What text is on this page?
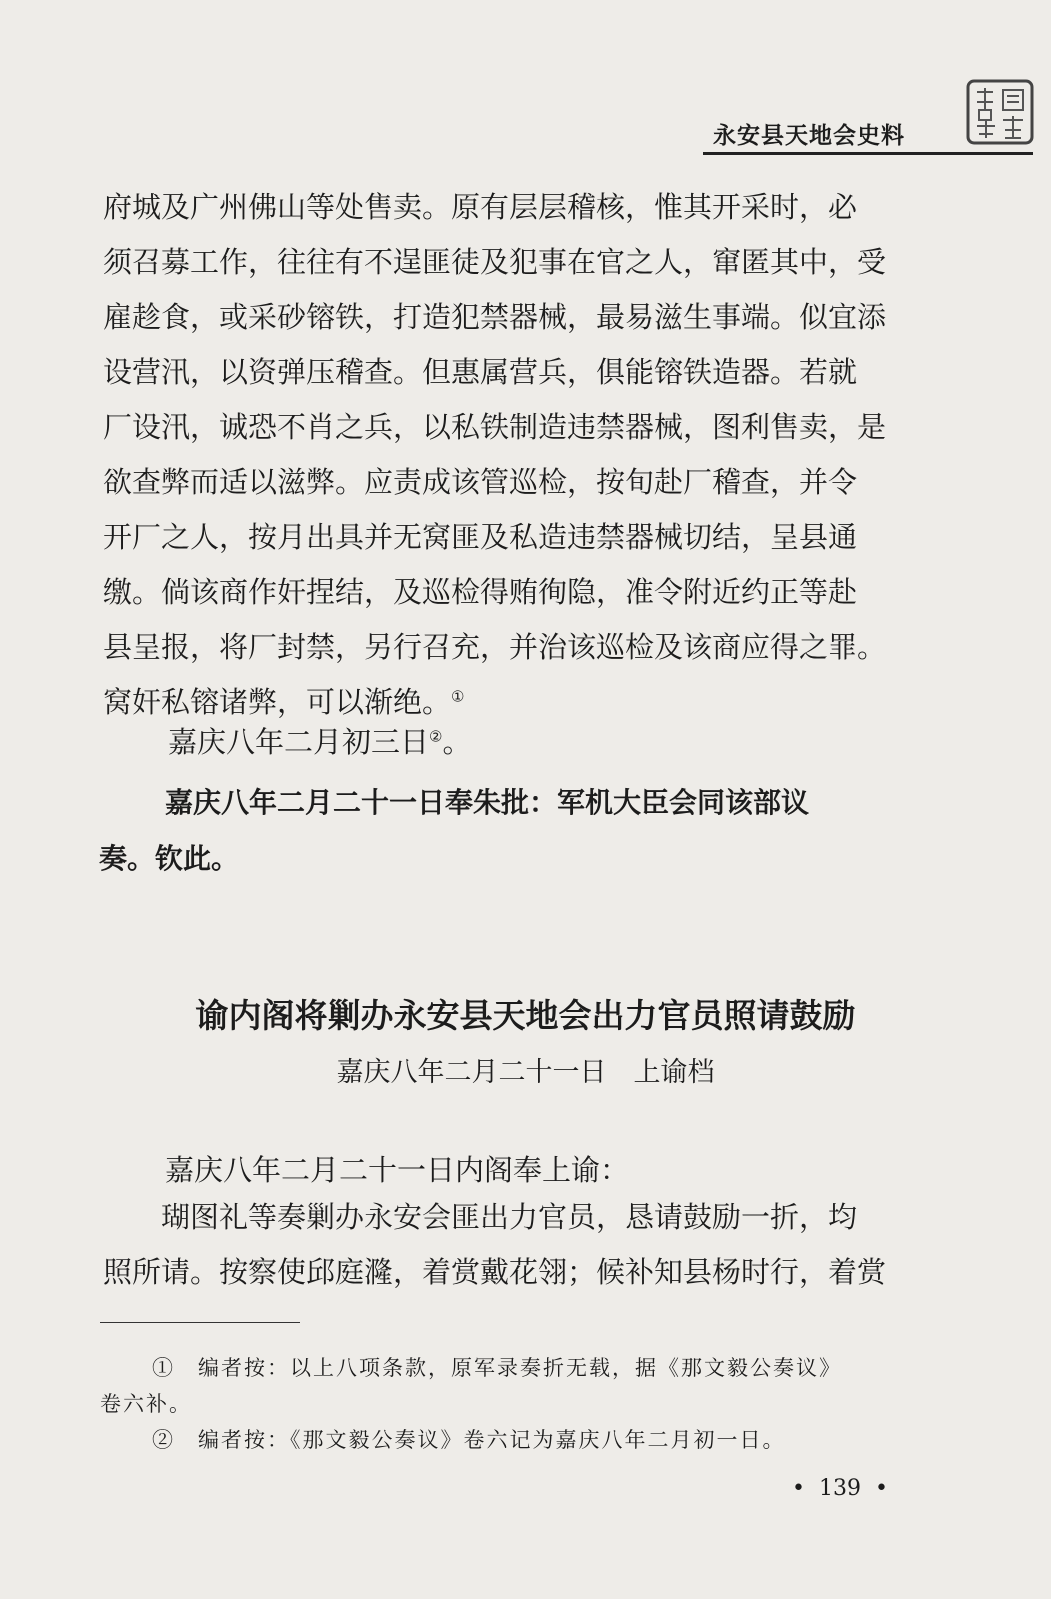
永安县天地会史料
府城及广州佛山等处售卖。原有层层稽核，惟其开采时，必
须召募工作，往往有不逞匪徒及犯事在官之人，窜匿其中，受
雇趁食，或采砂镕铁，打造犯禁器械，最易滋生事端。似宜添
设营汛，以资弹压稽查。但惠属营兵，俱能镕铁造器。若就
厂设汛，诚恐不肖之兵，以私铁制造违禁器械，图利售卖，是
欲查弊而适以滋弊。应责成该管巡检，按旬赴厂稽查，并令
开厂之人，按月出具并无窝匪及私造违禁器械切结，呈县通
缴。倘该商作奸捏结，及巡检得贿徇隐，准令附近约正等赴
县呈报，将厂封禁，另行召充，并治该巡检及该商应得之罪。
窝奸私镕诸弊，可以渐绝。①
嘉庆八年二月初三日②。
嘉庆八年二月二十一日奉朱批：军机大臣会同该部议
奏。钦此。
谕内阁将剿办永安县天地会出力官员照请鼓励
嘉庆八年二月二十一日　上谕档
嘉庆八年二月二十一日内阁奉上谕：
　　瑚图礼等奏剿办永安会匪出力官员，恳请鼓励一折，均
照所请。按察使邱庭漋，着赏戴花翎；候补知县杨时行，着赏
①　 编者按：以上八项条款，原军录奏折无载，据《那文毅公奏议》
卷六补。
②　 编者按：《那文毅公奏议》卷六记为嘉庆八年二月初一日。
•  139  •
